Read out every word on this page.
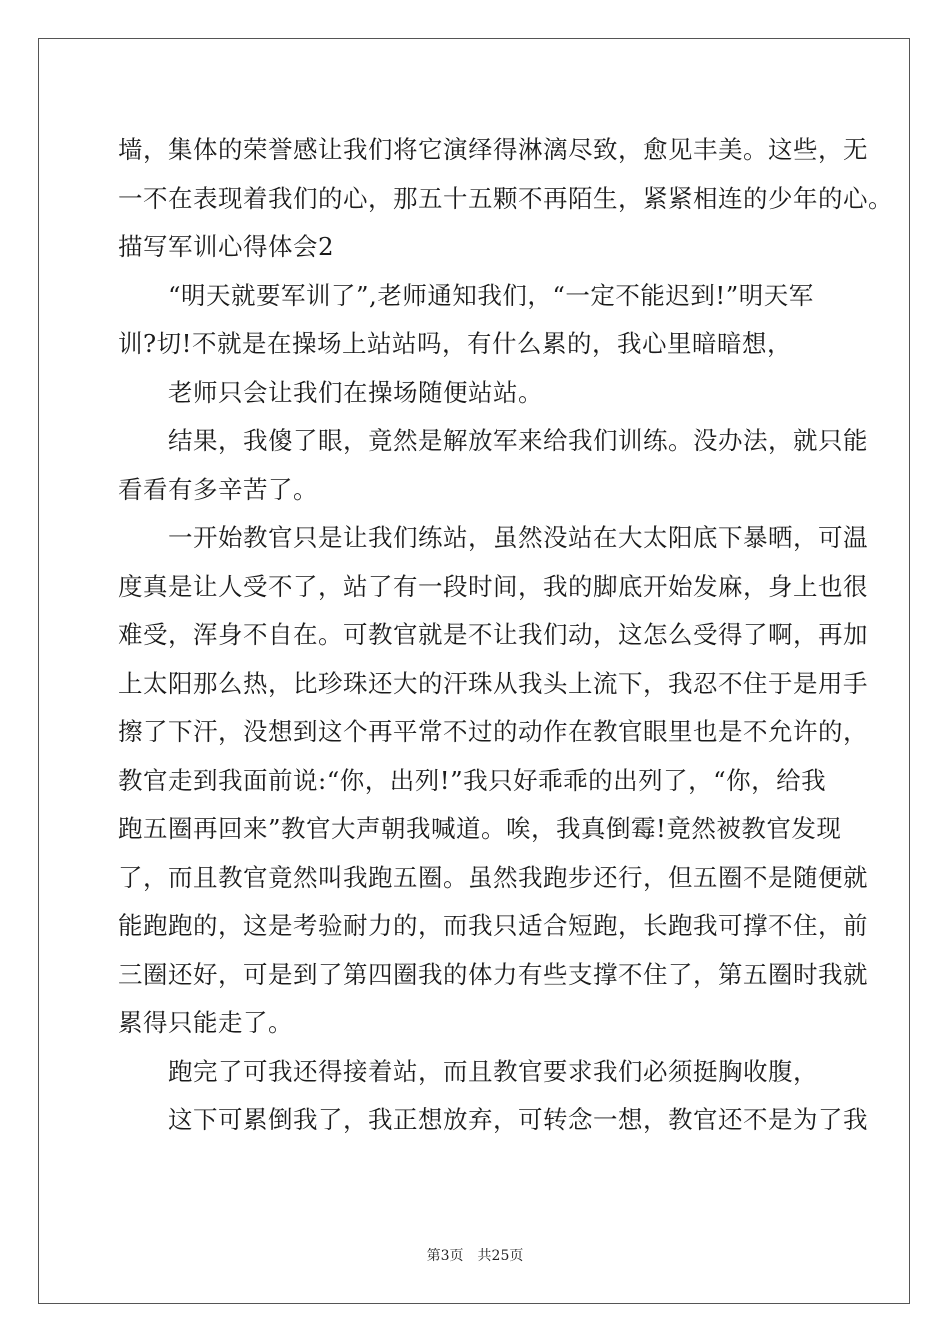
墙，集体的荣誉感让我们将它演绎得淋漓尽致，愈见丰美。这些，无

一不在表现着我们的心，那五十五颗不再陌生，紧紧相连的少年的心。

描写军训心得体会2

“明天就要军训了”,老师通知我们，“一定不能迟到!”明天军

训?切!不就是在操场上站站吗，有什么累的，我心里暗暗想，

老师只会让我们在操场随便站站。

结果，我傻了眼，竟然是解放军来给我们训练。没办法，就只能

看看有多辛苦了。

一开始教官只是让我们练站，虽然没站在大太阳底下暴晒，可温

度真是让人受不了，站了有一段时间，我的脚底开始发麻，身上也很

难受，浑身不自在。可教官就是不让我们动，这怎么受得了啊，再加

上太阳那么热，比珍珠还大的汗珠从我头上流下，我忍不住于是用手

擦了下汗，没想到这个再平常不过的动作在教官眼里也是不允许的，

教官走到我面前说:“你，出列!”我只好乖乖的出列了，“你，给我

跑五圈再回来”教官大声朝我喊道。唉，我真倒霉!竟然被教官发现

了，而且教官竟然叫我跑五圈。虽然我跑步还行，但五圈不是随便就

能跑跑的，这是考验耐力的，而我只适合短跑，长跑我可撑不住，前

三圈还好，可是到了第四圈我的体力有些支撑不住了，第五圈时我就

累得只能走了。

跑完了可我还得接着站，而且教官要求我们必须挺胸收腹，

这下可累倒我了，我正想放弃，可转念一想，教官还不是为了我

第3页 共25页
